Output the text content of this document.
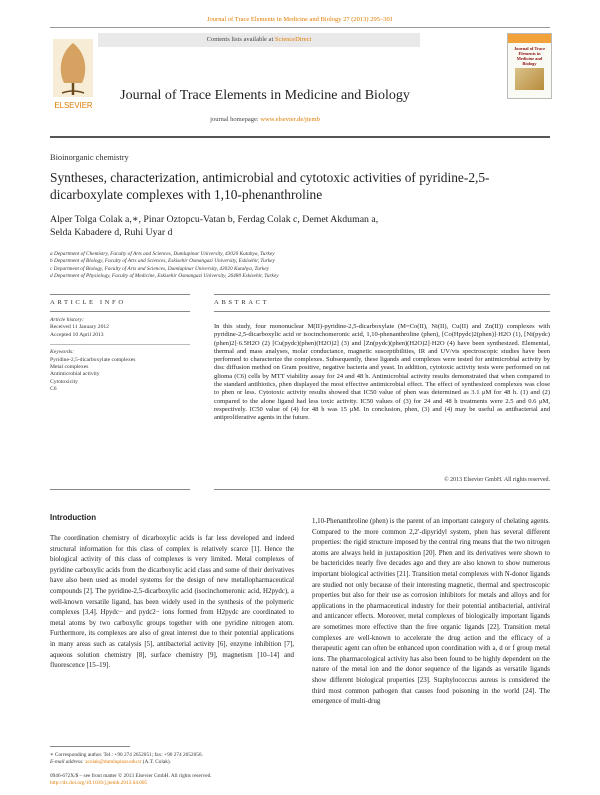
Journal of Trace Elements in Medicine and Biology 27 (2013) 295–301
ELSEVIER
Contents lists available at ScienceDirect
Journal of Trace Elements in Medicine and Biology
journal homepage: www.elsevier.de/jtemb
Journal of Trace Elements in Medicine and Biology
Bioinorganic chemistry
Syntheses, characterization, antimicrobial and cytotoxic activities of pyridine-2,5-dicarboxylate complexes with 1,10-phenanthroline
Alper Tolga Colak a,∗, Pinar Oztopcu-Vatan b, Ferdag Colak c, Demet Akduman a,
Selda Kabadere d, Ruhi Uyar d
a Department of Chemistry, Faculty of Arts and Sciences, Dumlupinar University, 43020 Kutahya, Turkey
b Department of Biology, Faculty of Arts and Sciences, Eskisehir Osmangazi University, Eskisehir, Turkey
c Department of Biology, Faculty of Arts and Sciences, Dumlupinar University, 43020 Kutahya, Turkey
d Department of Physiology, Faculty of Medicine, Eskisehir Osmangazi University, 26480 Eskisehir, Turkey
ARTICLE INFO	ABSTRACT
Article history:
Received 11 January 2012
Accepted 10 April 2013
Keywords:
Pyridine-2,5-dicarboxylate complexes
Metal complexes
Antimicrobial activity
Cytotoxicity
C6
In this study, four mononuclear M(II)-pyridine-2,5-dicarboxylate (M=Co(II), Ni(II), Cu(II) and Zn(II)) complexes with pyridine-2,5-dicarboxylic acid or isocinchomeronic acid, 1,10-phenanthroline (phen), [Co(Hpydc)2(phen)]·H2O (1), [Ni(pydc)(phen)2]·6.5H2O (2) [Cu(pydc)(phen)(H2O)2] (3) and [Zn(pydc)(phen)(H2O)2]·H2O (4) have been synthesized. Elemental, thermal and mass analyses, molar conductance, magnetic susceptibilities, IR and UV/vis spectroscopic studies have been performed to characterize the complexes. Subsequently, these ligands and complexes were tested for antimicrobial activity by disc diffusion method on Gram positive, negative bacteria and yeast. In addition, cytotoxic activity tests were performed on rat glioma (C6) cells by MTT viability assay for 24 and 48 h. Antimicrobial activity results demonstrated that when compared to the standard antibiotics, phen displayed the most effective antimicrobial effect. The effect of synthesized complexes was close to phen or less. Cytotoxic activity results showed that IC50 value of phen was determined as 3.1 μM for 48 h. (1) and (2) compared to the alone ligand had less toxic activity. IC50 values of (3) for 24 and 48 h treatments were 2.5 and 0.6 μM, respectively. IC50 value of (4) for 48 h was 15 μM. In conclusion, phen, (3) and (4) may be useful as antibacterial and antiproliferative agents in the future.
© 2013 Elsevier GmbH. All rights reserved.
Introduction
The coordination chemistry of dicarboxylic acids is far less developed and indeed structural information for this class of complex is relatively scarce [1]. Hence the biological activity of this class of complexes is very limited. Metal complexes of pyridine carboxylic acids from the dicarboxylic acid class and some of their derivatives have also been used as model systems for the design of new metallopharmaceutical compounds [2]. The pyridine-2,5-dicarboxylic acid (isocinchomeronic acid, H2pydc), a well-known versatile ligand, has been widely used in the synthesis of the polymeric complexes [3,4]. Hpydc− and pydc2− ions formed from H2pydc are coordinated to metal atoms by two carboxylic groups together with one pyridine nitrogen atom. Furthermore, its complexes are also of great interest due to their potential applications in many areas such as catalysis [5], antibacterial activity [6], enzyme inhibition [7], aqueous solution chemistry [8], surface chemistry [9], magnetism [10–14] and fluorescence [15–19].
1,10-Phenanthroline (phen) is the parent of an important category of chelating agents. Compared to the more common 2,2′-dipyridyl system, phen has several different properties: the rigid structure imposed by the central ring means that the two nitrogen atoms are always held in juxtaposition [20]. Phen and its derivatives were shown to be bactericides nearly five decades ago and they are also known to show numerous important biological activities [21]. Transition metal complexes with N-donor ligands are studied not only because of their interesting magnetic, thermal and spectroscopic properties but also for their use as corrosion inhibitors for metals and alloys and for applications in the pharmaceutical industry for their potential antibacterial, antiviral and anticancer effects. Moreover, metal complexes of biologically important ligands are sometimes more effective than the free organic ligands [22]. Transition metal complexes are well-known to accelerate the drug action and the efficacy of a therapeutic agent can often be enhanced upon coordination with a, d or f group metal ions. The pharmacological activity has also been found to be highly dependent on the nature of the metal ion and the donor sequence of the ligands as versatile ligands show different biological properties [23]. Staphylococcus aureus is considered the third most common pathogen that causes food poisoning in the world [24]. The emergence of multi-drug
∗ Corresponding author. Tel.: +90 274 2652051; fax: +90 274 2652056.
E-mail address: acolak@dumlupinar.edu.tr (A.T. Colak).
0946-672X/$ – see front matter © 2013 Elsevier GmbH. All rights reserved.
http://dx.doi.org/10.1016/j.jtemb.2013.04.005
